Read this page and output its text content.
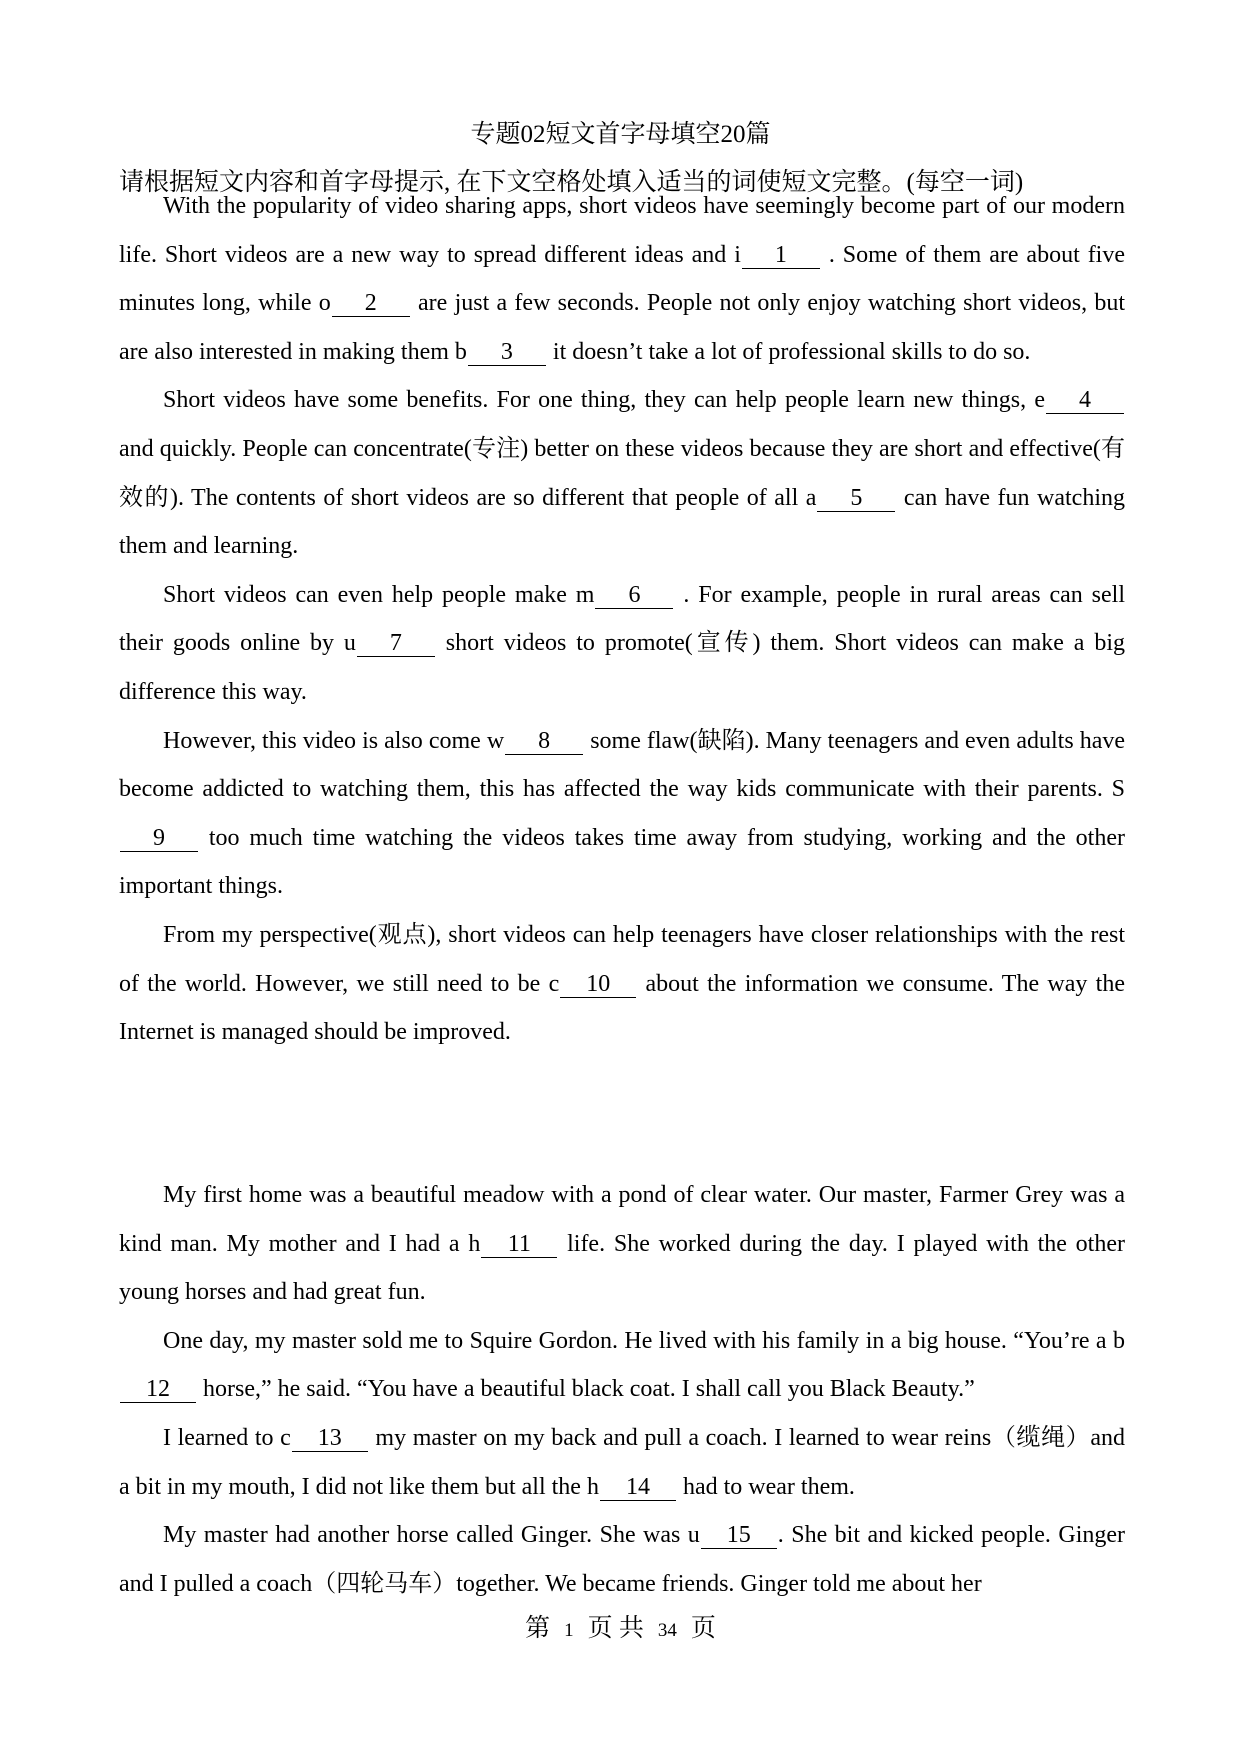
专题02短文首字母填空20篇
请根据短文内容和首字母提示, 在下文空格处填入适当的词使短文完整。(每空一词)

With the popularity of video sharing apps, short videos have seemingly become part of our modern life. Short videos are a new way to spread different ideas and i 1 . Some of them are about five minutes long, while o 2 are just a few seconds. People not only enjoy watching short videos, but are also interested in making them b 3 it doesn’t take a lot of professional skills to do so.

Short videos have some benefits. For one thing, they can help people learn new things, e 4 and quickly. People can concentrate(专注) better on these videos because they are short and effective(有效的). The contents of short videos are so different that people of all a 5 can have fun watching them and learning.

Short videos can even help people make m 6 . For example, people in rural areas can sell their goods online by u 7 short videos to promote(宣传) them. Short videos can make a big difference this way.

However, this video is also come w 8 some flaw(缺陷). Many teenagers and even adults have become addicted to watching them, this has affected the way kids communicate with their parents. S9 too much time watching the videos takes time away from studying, working and the other important things.

From my perspective(观点), short videos can help teenagers have closer relationships with the rest of the world. However, we still need to be c 10 about the information we consume. The way the Internet is managed should be improved.

My first home was a beautiful meadow with a pond of clear water. Our master, Farmer Grey was a kind man. My mother and I had a h 11 life. She worked during the day. I played with the other young horses and had great fun.

One day, my master sold me to Squire Gordon. He lived with his family in a big house. “You’re a b12 horse,” he said. “You have a beautiful black coat. I shall call you Black Beauty.”

I learned to c 13 my master on my back and pull a coach. I learned to wear reins（缆绳）and a bit in my mouth, I did not like them but all the h 14 had to wear them.

My master had another horse called Ginger. She was u 15 . She bit and kicked people. Ginger and I pulled a coach（四轮马车）together. We became friends. Ginger told me about her

第 1 页 共 34 页
